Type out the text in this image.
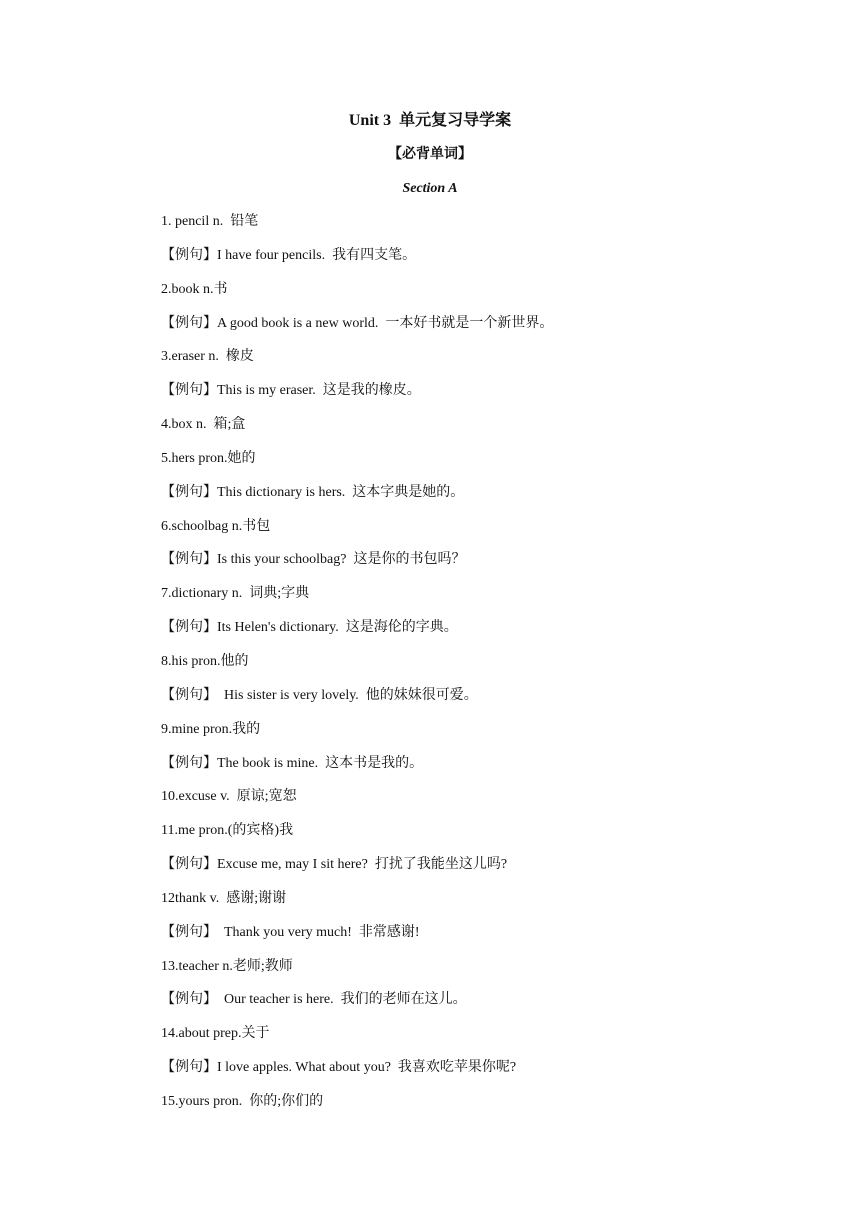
Unit 3  单元复习导学案
【必背单词】
Section A
1. pencil n.  铅笔
【例句】I have four pencils.  我有四支笔。
2.book n.书
【例句】A good book is a new world.  一本好书就是一个新世界。
3.eraser n.  橡皮
【例句】This is my eraser.  这是我的橡皮。
4.box n.  箱;盒
5.hers pron.她的
【例句】This dictionary is hers.  这本字典是她的。
6.schoolbag n.书包
【例句】Is this your schoolbag?  这是你的书包吗？
7.dictionary n.  词典;字典
【例句】Its Helen's dictionary.  这是海伦的字典。
8.his pron.他的
【例句】  His sister is very lovely.  他的妹妹很可爱。
9.mine pron.我的
【例句】The book is mine.  这本书是我的。
10.excuse v.  原谅;宽恕
11.me pron.(的宾格)我
【例句】Excuse me, may I sit here?  打扰了我能坐这儿吗?
12thank v.  感谢;谢谢
【例句】  Thank you very much!  非常感谢!
13.teacher n.老师;教师
【例句】  Our teacher is here.  我们的老师在这儿。
14.about prep.关于
【例句】I love apples. What about you?  我喜欢吃苹果你呢?
15.yours pron.  你的;你们的
